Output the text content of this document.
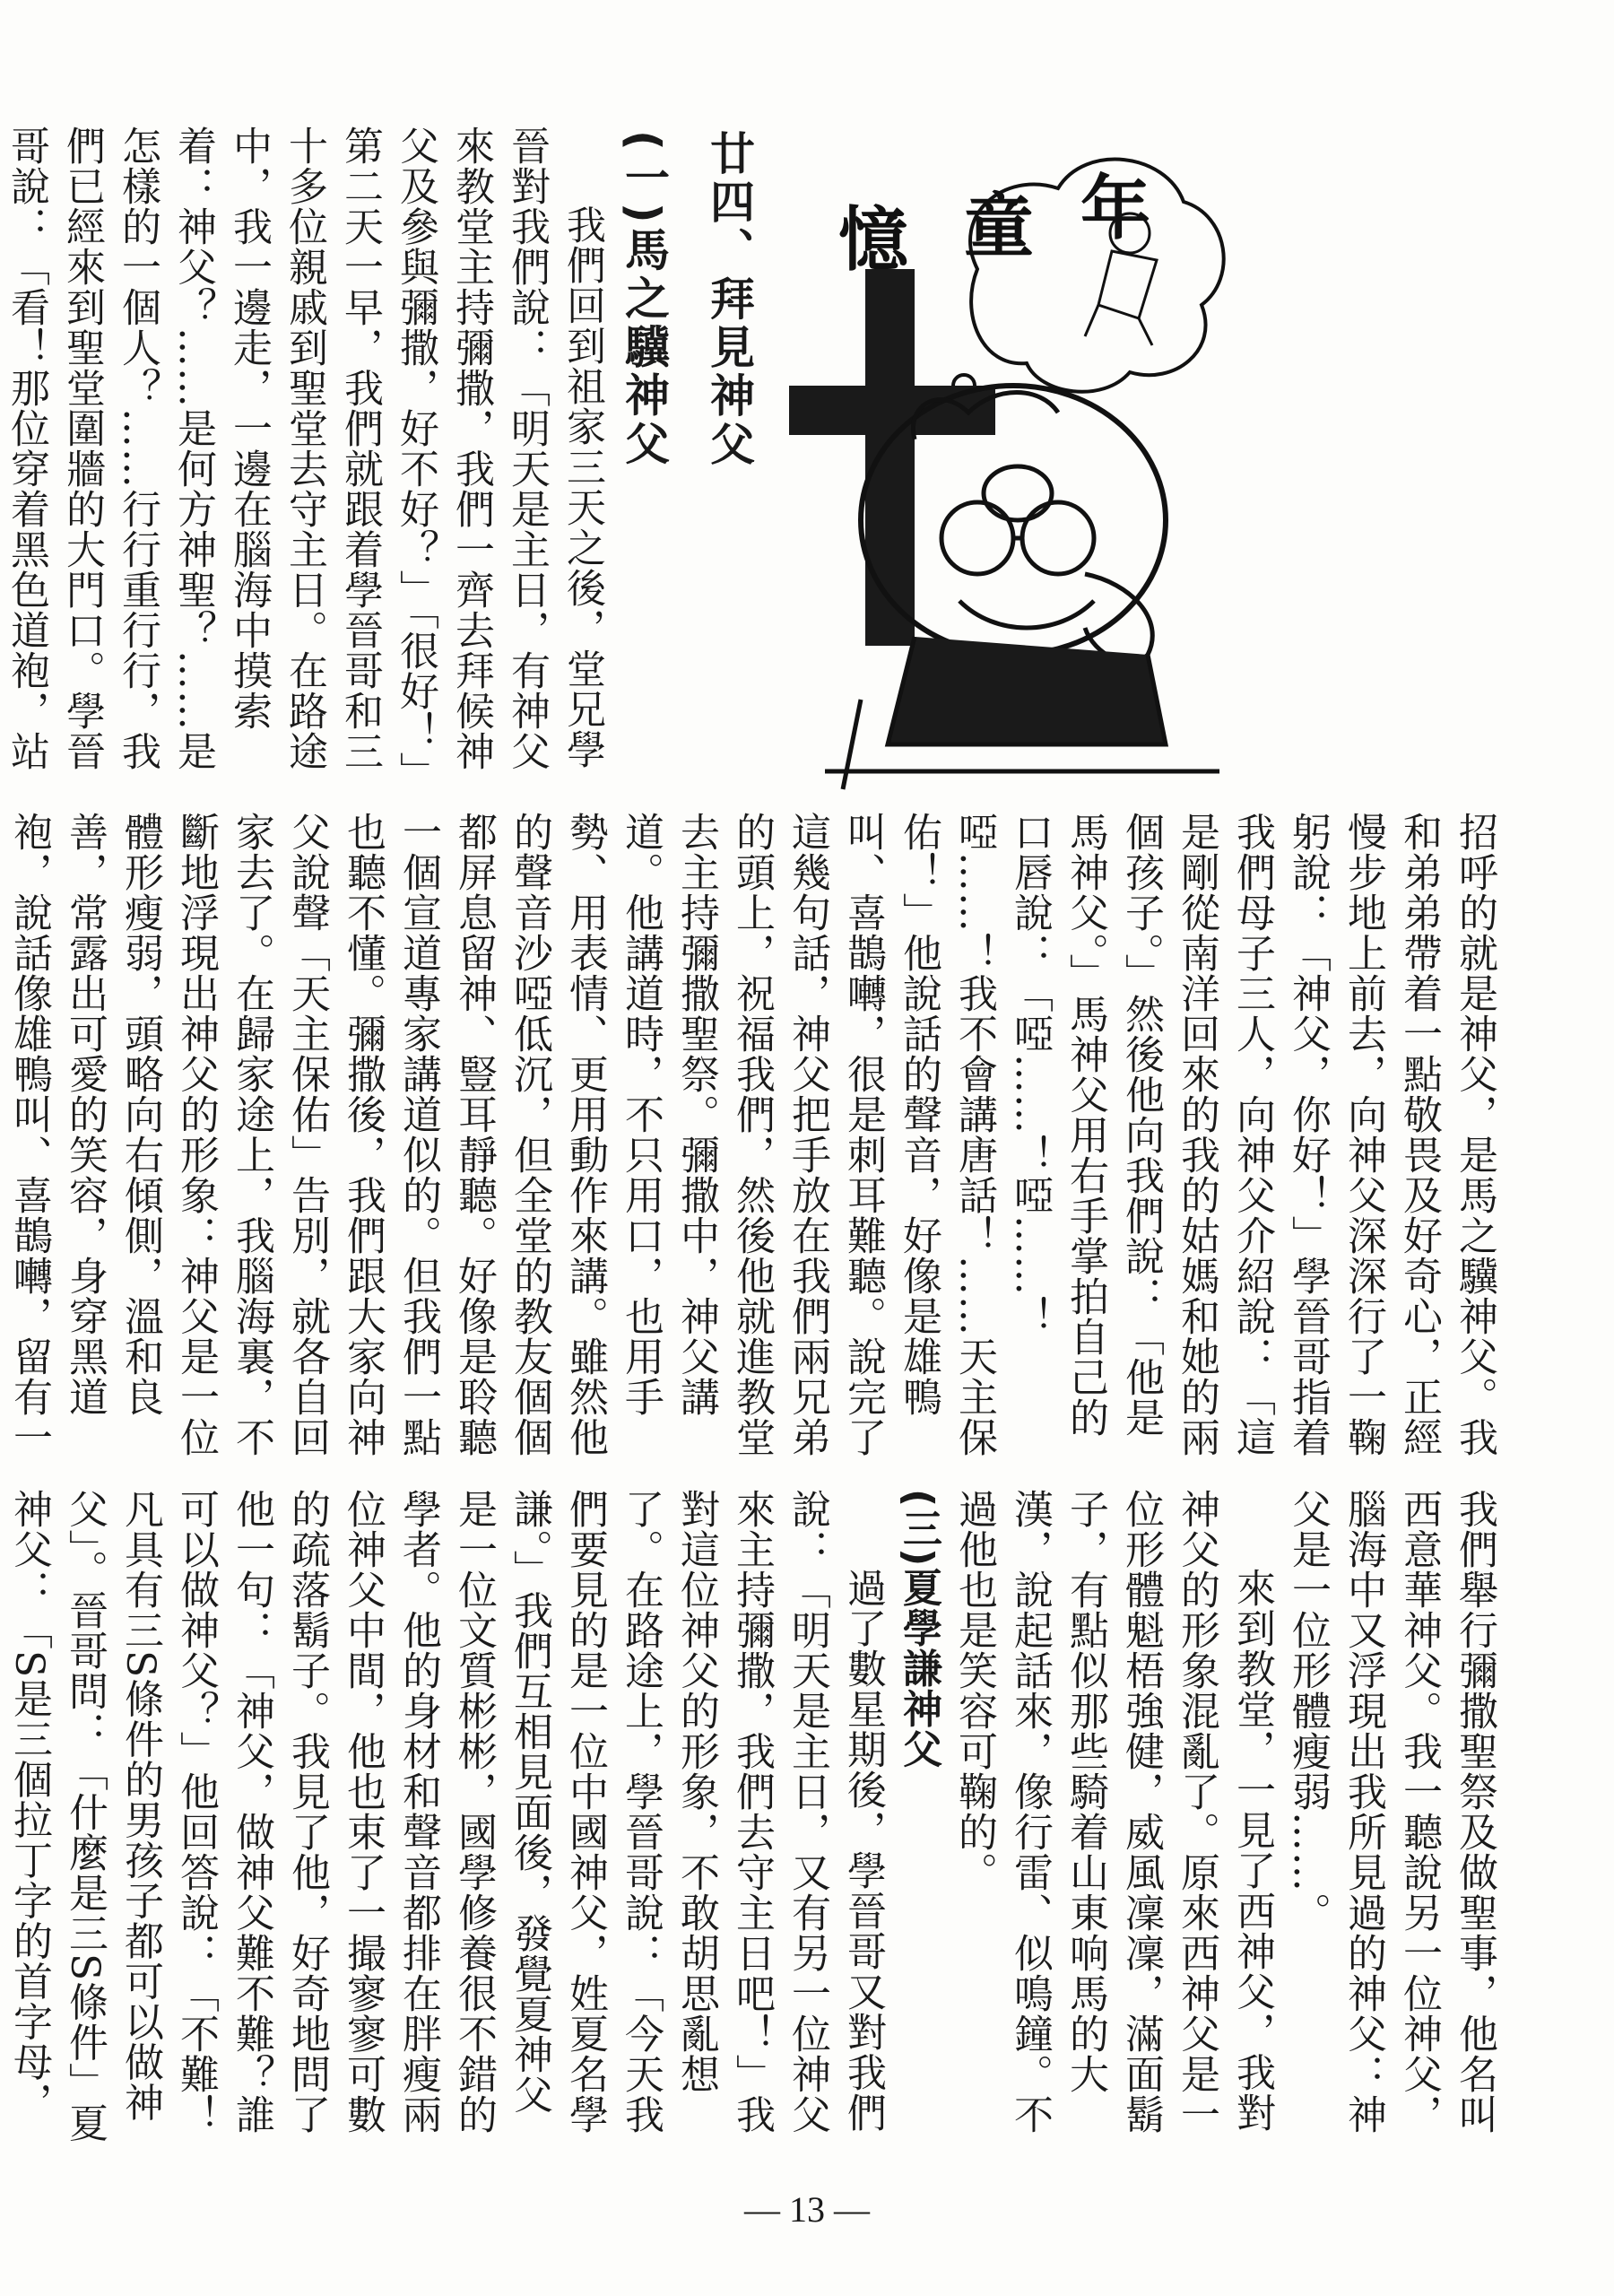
憶 童 年
廿四、拜見神父
(一)馬之驥神父

我們回到祖家三天之後，堂兄學晉對我們說：「明天是主日，有神父來教堂主持彌撒，我們一齊去拜候神父及參與彌撒，好不好？」「很好！」第二天一早，我們就跟着學晉哥和三十多位親戚到聖堂去守主日。在路途中，我一邊走，一邊在腦海中摸索着：神父？……是何方神聖？……是怎樣的一個人？……行行重行行，我們已經來到聖堂圍牆的大門口。學晉哥說：「看！那位穿着黑色道袍，站

招呼的就是神父，是馬之驥神父。我和弟弟帶着一點敬畏及好奇心，正經慢步地上前去，向神父深深行了一鞠躬說：「神父，你好！」學晉哥指着我們母子三人，向神父介紹說：「這是剛從南洋回來的我的姑媽和她的兩個孩子。」然後他向我們說：「他是馬神父。」馬神父用右手掌拍自己的口唇說：「啞……！啞……！啞……！我不會講唐話！……天主保佑！」他說話的聲音，好像是雄鴨叫、喜鵲囀，很是刺耳難聽。說完了這幾句話，神父把手放在我們兩兄弟的頭上，祝福我們，然後他就進教堂去主持彌撒聖祭。彌撒中，神父講道。他講道時，不只用口，也用手勢、用表情、更用動作來講。雖然他的聲音沙啞低沉，但全堂的教友個個都屏息留神、豎耳靜聽。好像是聆聽一個宣道專家講道似的。但我們一點也聽不懂。彌撒後，我們跟大家向神父說聲「天主保佑」告別，就各自回家去了。在歸家途上，我腦海裏，不斷地浮現出神父的形象：神父是一位體形瘦弱，頭略向右傾側，溫和良善，常露出可愛的笑容，身穿黑道袍，說話像雄鴨叫、喜鵲囀，留有一

我們舉行彌撒聖祭及做聖事，他名叫西意華神父。我一聽說另一位神父，腦海中又浮現出我所見過的神父：神父是一位形體瘦弱……。

來到教堂，一見了西神父，我對神父的形象混亂了。原來西神父是一位形體魁梧強健，威風凜凜，滿面鬍子，有點似那些騎着山東响馬的大漢，說起話來，像行雷、似鳴鐘。不過他也是笑容可鞠的。

(三)夏學謙神父

過了數星期後，學晉哥又對我們說：「明天是主日，又有另一位神父來主持彌撒，我們去守主日吧！」我對這位神父的形象，不敢胡思亂想了。在路途上，學晉哥說：「今天我們要見的是一位中國神父，姓夏名學謙。」我們互相見面後，發覺夏神父是一位文質彬彬，國學修養很不錯的學者。他的身材和聲音都排在胖瘦兩位神父中間，他也束了一撮寥寥可數的疏落鬍子。我見了他，好奇地問了他一句：「神父，做神父難不難？誰可以做神父？」他回答說：「不難！凡具有三S條件的男孩子都可以做神父」。晉哥問：「什麼是三S條件」夏神父：「S是三個拉丁字的首字母，

— 13 —
